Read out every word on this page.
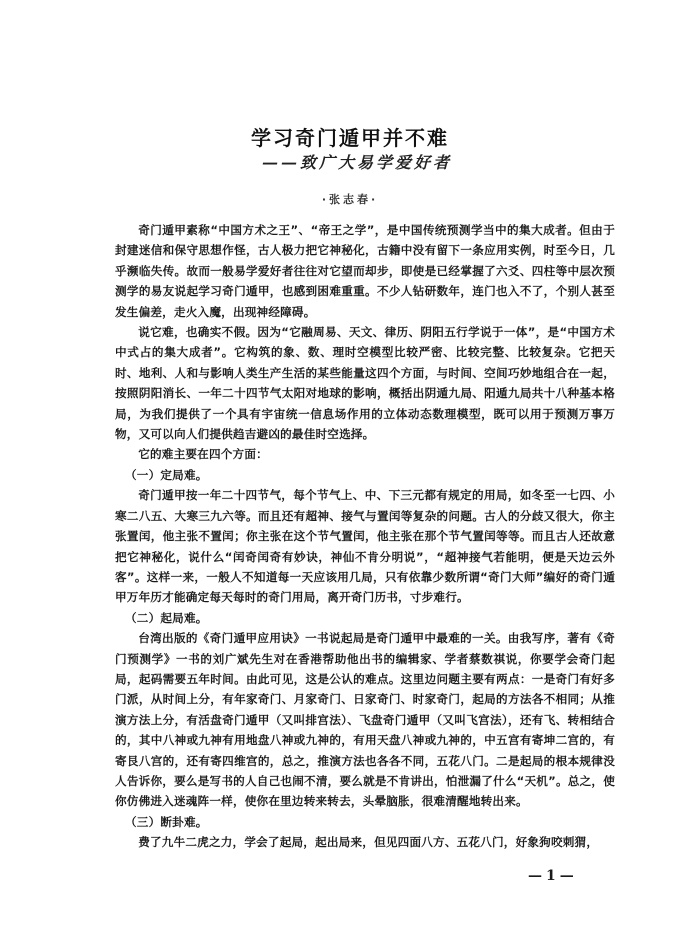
学习奇门遁甲并不难
——致广大易学爱好者
·张志春·

奇门遁甲素称“中国方术之王”、“帝王之学”，是中国传统预测学当中的集大成者。但由于封建迷信和保守思想作怪，古人极力把它神秘化，古籍中没有留下一条应用实例，时至今日，几乎濒临失传。故而一般易学爱好者往往对它望而却步，即使是已经掌握了六爻、四柱等中层次预测学的易友说起学习奇门遁甲，也感到困难重重。不少人钻研数年，连门也入不了，个别人甚至发生偏差，走火入魔，出现神经障碍。

说它难，也确实不假。因为“它融周易、天文、律历、阴阳五行学说于一体”，是“中国方术中式占的集大成者”。它构筑的象、数、理时空模型比较严密、比较完整、比较复杂。它把天时、地利、人和与影响人类生产生活的某些能量这四个方面，与时间、空间巧妙地组合在一起，按照阴阳消长、一年二十四节气太阳对地球的影响，概括出阴遁九局、阳遁九局共十八种基本格局，为我们提供了一个具有宇宙统一信息场作用的立体动态数理模型，既可以用于预测万事万物，又可以向人们提供趋吉避凶的最佳时空选择。

它的难主要在四个方面：

（一）定局难。

奇门遁甲按一年二十四节气，每个节气上、中、下三元都有规定的用局，如冬至一七四、小寒二八五、大寒三九六等。而且还有超神、接气与置闰等复杂的问题。古人的分歧又很大，你主张置闰，他主张不置闰；你主张在这个节气置闰，他主张在那个节气置闰等等。而且古人还故意把它神秘化，说什么“闰奇闰奇有妙诀，神仙不肯分明说”，“超神接气若能明，便是天边云外客”。这样一来，一般人不知道每一天应该用几局，只有依靠少数所谓“奇门大师”编好的奇门遁甲万年历才能确定每天每时的奇门用局，离开奇门历书，寸步难行。

（二）起局难。

台湾出版的《奇门遁甲应用诀》一书说起局是奇门遁甲中最难的一关。由我写序，著有《奇门预测学》一书的刘广斌先生对在香港帮助他出书的编辑家、学者蔡数祺说，你要学会奇门起局，起码需要五年时间。由此可见，这是公认的难点。这里边问题主要有两点：一是奇门有好多门派，从时间上分，有年家奇门、月家奇门、日家奇门、时家奇门，起局的方法各不相同；从推演方法上分，有活盘奇门遁甲（又叫排宫法）、飞盘奇门遁甲（又叫飞宫法），还有飞、转相结合的，其中八神或九神有用地盘八神或九神的，有用天盘八神或九神的，中五宫有寄坤二宫的，有寄艮八宫的，还有寄四维宫的，总之，推演方法也各各不同，五花八门。二是起局的根本规律没人告诉你，要么是写书的人自己也闹不清，要么就是不肯讲出，怕泄漏了什么“天机”。总之，使你仿佛进入迷魂阵一样，使你在里边转来转去，头晕脑胀，很难清醒地转出来。

（三）断卦难。

费了九牛二虎之力，学会了起局，起出局来，但见四面八方、五花八门，好象狗咬刺猬，

—1—
